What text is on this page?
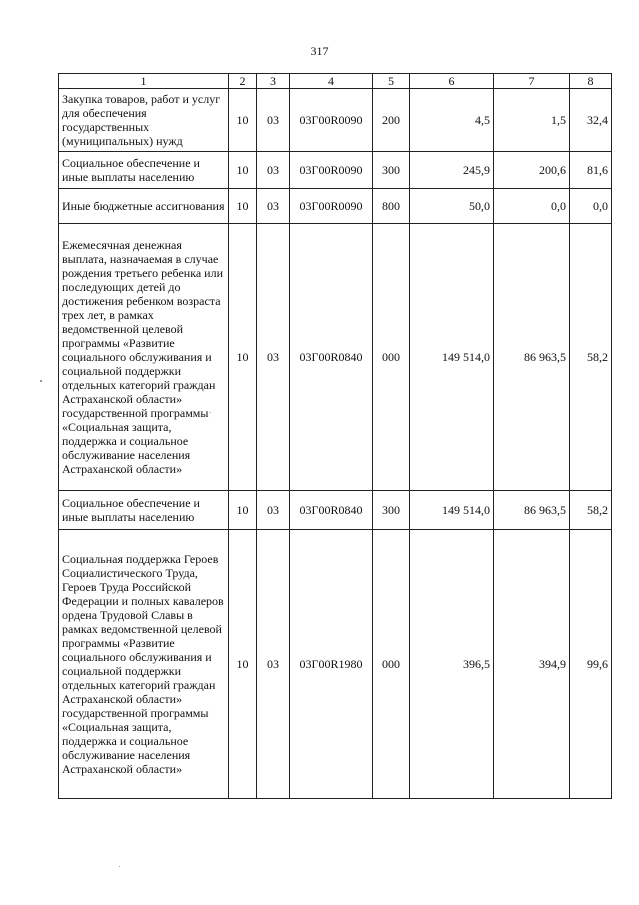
317
1	2	3	4	5	6	7	8
Закупка товаров, работ и услуг для обеспечения государственных (муниципальных) нужд	10	03	03Г00R0090	200	4,5	1,5	32,4
Социальное обеспечение и иные выплаты населению	10	03	03Г00R0090	300	245,9	200,6	81,6
Иные бюджетные ассигнования	10	03	03Г00R0090	800	50,0	0,0	0,0
Ежемесячная денежная выплата, назначаемая в случае рождения третьего ребенка или последующих детей до достижения ребенком возраста трех лет, в рамках ведомственной целевой программы «Развитие социального обслуживания и социальной поддержки отдельных категорий граждан Астраханской области» государственной программы «Социальная защита, поддержка и социальное обслуживание населения Астраханской области»	10	03	03Г00R0840	000	149 514,0	86 963,5	58,2
Социальное обеспечение и иные выплаты населению	10	03	03Г00R0840	300	149 514,0	86 963,5	58,2
Социальная поддержка Героев Социалистического Труда, Героев Труда Российской Федерации и полных кавалеров ордена Трудовой Славы в рамках ведомственной целевой программы «Развитие социального обслуживания и социальной поддержки отдельных категорий граждан Астраханской области» государственной программы «Социальная защита, поддержка и социальное обслуживание населения Астраханской области»	10	03	03Г00R1980	000	396,5	394,9	99,6
